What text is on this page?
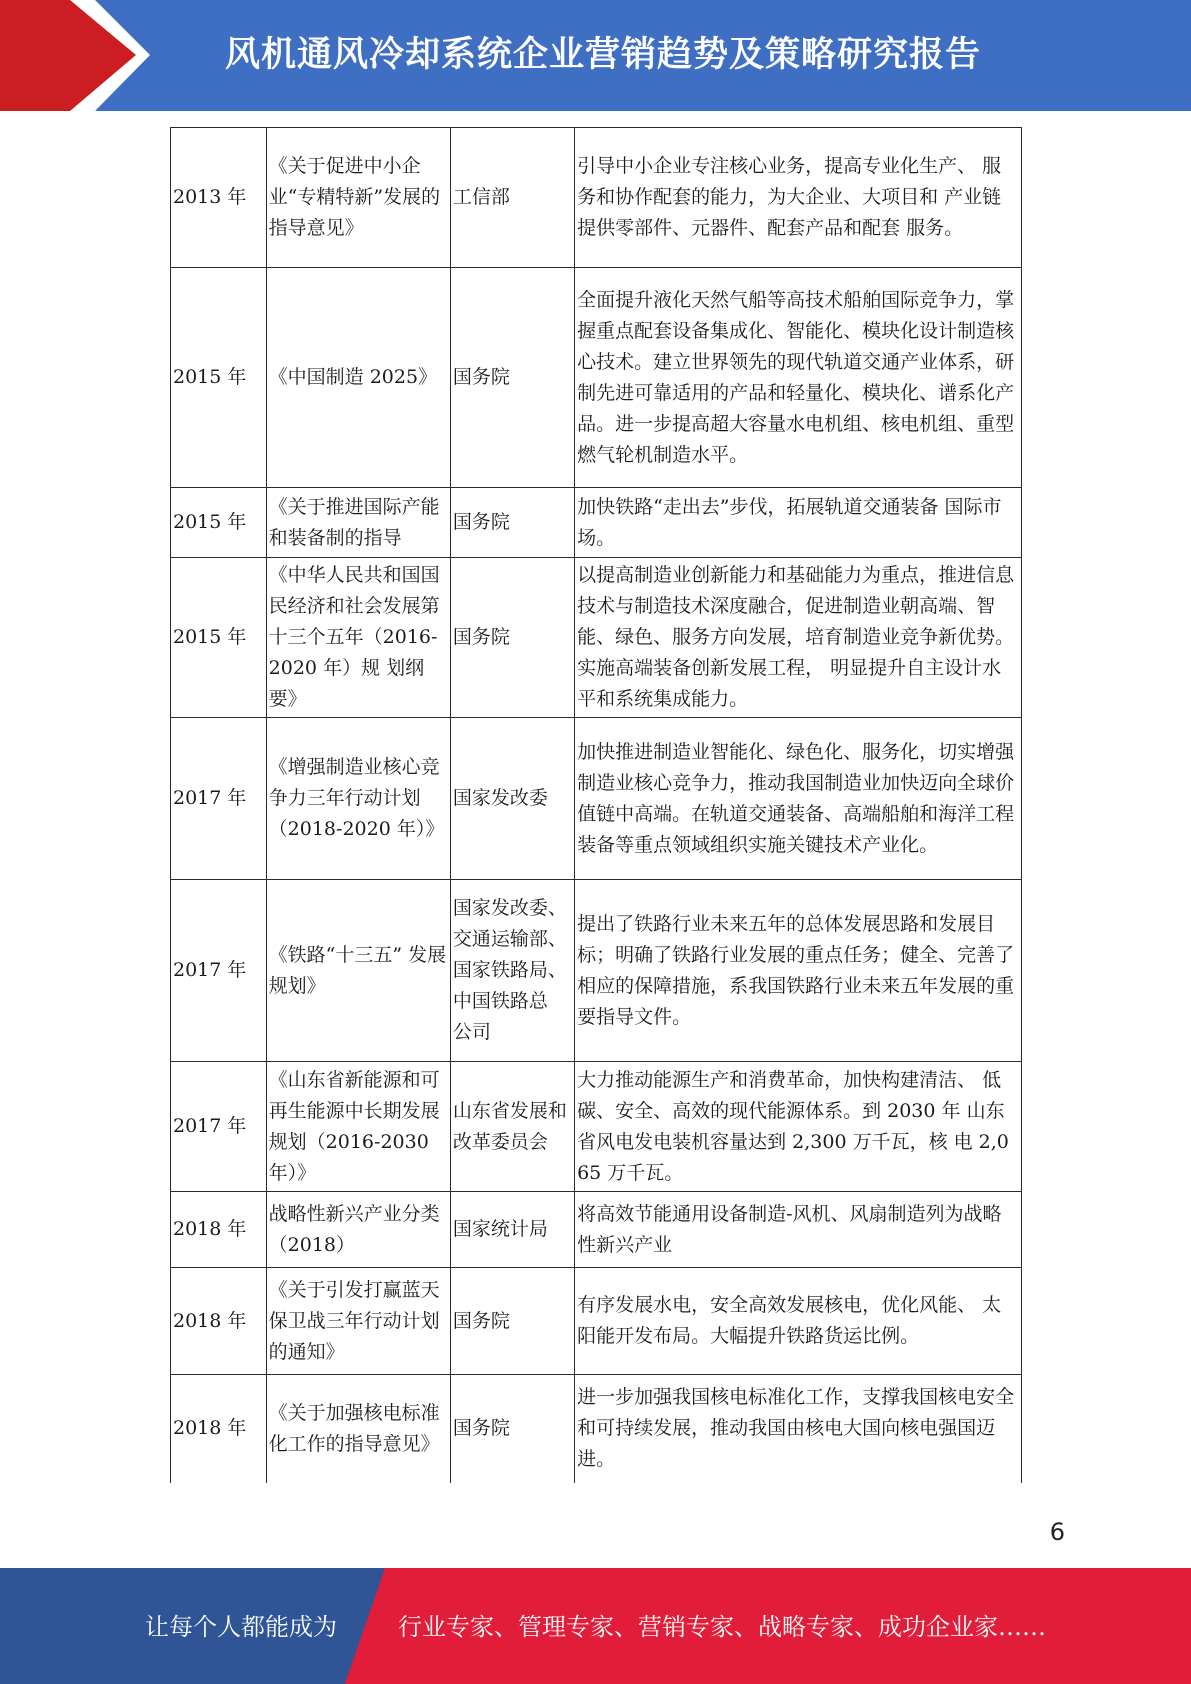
风机通风冷却系统企业营销趋势及策略研究报告
2013 年	《关于促进中小企业“专精特新”发展的指导意见》	工信部	引导中小企业专注核心业务，提高专业化生产、 服务和协作配套的能力，为大企业、大项目和 产业链提供零部件、元器件、配套产品和配套 服务。
2015 年	《中国制造 2025》	国务院	全面提升液化天然气船等高技术船舶国际竞争力，掌握重点配套设备集成化、智能化、模块化设计制造核心技术。建立世界领先的现代轨道交通产业体系，研制先进可靠适用的产品和轻量化、模块化、谱系化产品。进一步提高超大容量水电机组、核电机组、重型燃气轮机制造水平。
2015 年	《关于推进国际产能和装备制的指导	国务院	加快铁路“走出去”步伐，拓展轨道交通装备 国际市场。
2015 年	《中华人民共和国国民经济和社会发展第十三个五年（2016-2020 年）规 划纲要》	国务院	以提高制造业创新能力和基础能力为重点，推进信息技术与制造技术深度融合，促进制造业朝高端、智能、绿色、服务方向发展，培育制造业竞争新优势。实施高端装备创新发展工程， 明显提升自主设计水平和系统集成能力。
2017 年	《增强制造业核心竞争力三年行动计划（2018-2020 年）》	国家发改委	加快推进制造业智能化、绿色化、服务化，切实增强制造业核心竞争力，推动我国制造业加快迈向全球价值链中高端。在轨道交通装备、高端船舶和海洋工程装备等重点领域组织实施关键技术产业化。
2017 年	《铁路“十三五” 发展规划》	国家发改委、 交通运输部、 国家铁路局、 中国铁路总 公司	提出了铁路行业未来五年的总体发展思路和发展目标；明确了铁路行业发展的重点任务；健全、完善了相应的保障措施，系我国铁路行业未来五年发展的重要指导文件。
2017 年	《山东省新能源和可再生能源中长期发展规划（2016-2030 年）》	山东省发展和改革委员会	大力推动能源生产和消费革命，加快构建清洁、 低碳、安全、高效的现代能源体系。到 2030 年 山东省风电发电装机容量达到 2,300 万千瓦，核 电 2,065 万千瓦。
2018 年	战略性新兴产业分类（2018）	国家统计局	将高效节能通用设备制造-风机、风扇制造列为战略性新兴产业
2018 年	《关于引发打赢蓝天保卫战三年行动计划的通知》	国务院	有序发展水电，安全高效发展核电，优化风能、 太阳能开发布局。大幅提升铁路货运比例。
2018 年	《关于加强核电标准化工作的指导意见》	国务院	进一步加强我国核电标准化工作，支撑我国核电安全和可持续发展，推动我国由核电大国向核电强国迈进。
6
让每个人都能成为	行业专家、管理专家、营销专家、战略专家、成功企业家……
